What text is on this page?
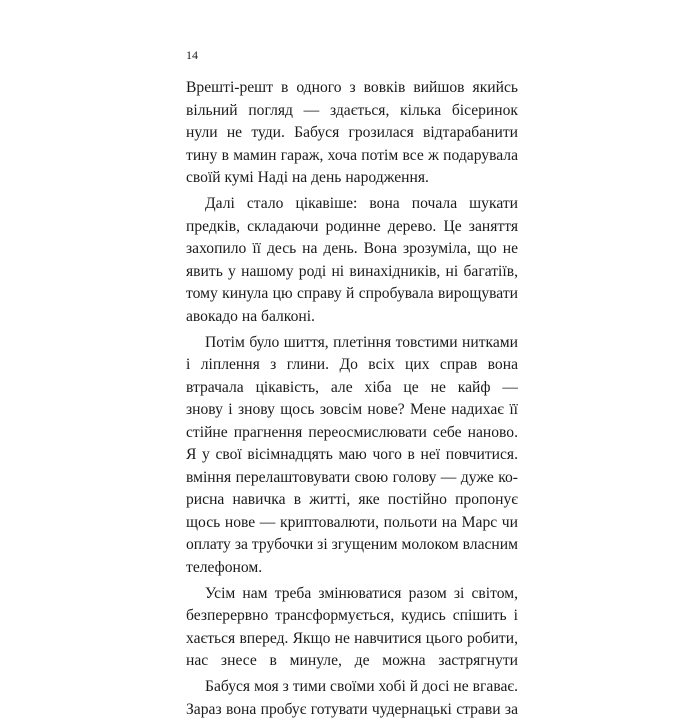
14
Врешті-решт в одного з вовків вийшов якийсь
вільний погляд — здається, кілька бісеринок
нули не туди. Бабуся грозилася відтарабанити
тину в мамин гараж, хоча потім все ж подарувала
своїй кумі Наді на день народження.
Далі стало цікавіше: вона почала шукати
предків, складаючи родинне дерево. Це заняття
захопило її десь на день. Вона зрозуміла, що не
явить у нашому роді ні винахідників, ні багатіїв,
тому кинула цю справу й спробувала вирощувати
авокадо на балконі.
Потім було шиття, плетіння товстими нитками
і ліплення з глини. До всіх цих справ вона
втрачала цікавість, але хіба це не кайф —
знову і знову щось зовсім нове? Мене надихає її
стійне прагнення переосмислювати себе наново.
Я у свої вісімнадцять маю чого в неї повчитися.
вміння перелаштовувати свою голову — дуже ко-
рисна навичка в житті, яке постійно пропонує
щось нове — криптовалюти, польоти на Марс чи
оплату за трубочки зі згущеним молоком власним
телефоном.
Усім нам треба змінюватися разом зі світом,
безперервно трансформується, кудись спішить і
хається вперед. Якщо не навчитися цього робити,
нас знесе в минуле, де можна застрягнути
Бабуся моя з тими своїми хобі й досі не вгаває.
Зараз вона пробує готувати чудернацькі страви за
